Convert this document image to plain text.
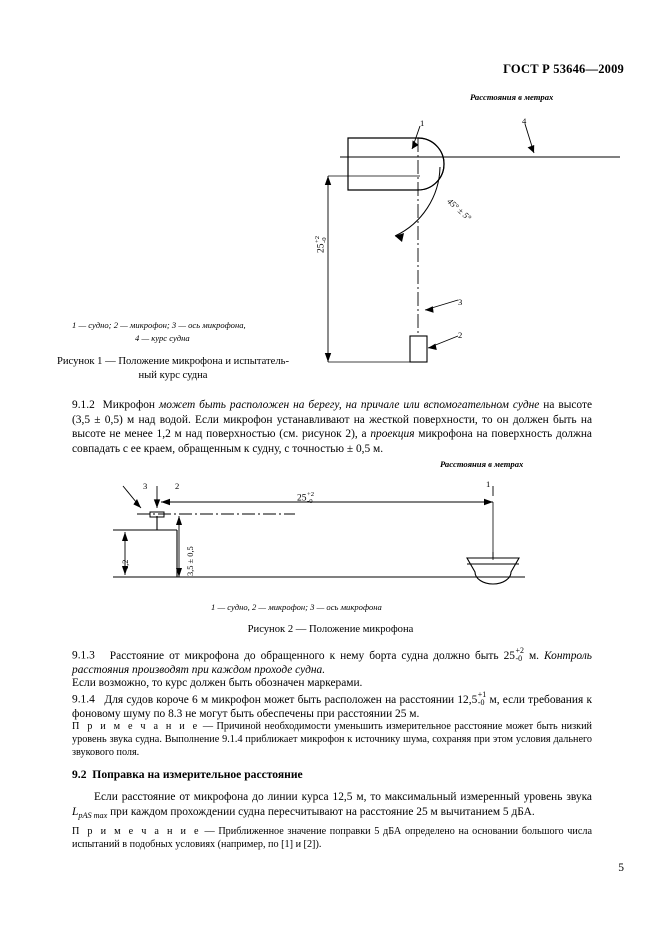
ГОСТ Р 53646—2009
Расстояния в метрах
1	4
3
2
25
+2 -0
45° ± 5°
1 — судно; 2 — микрофон; 3 — ось микрофона,
4 — курс судна
Рисунок 1 — Положение микрофона и испытатель-
ный курс судна
9.1.2  Микрофон может быть расположен на берегу, на причале или вспомогательном судне на высоте (3,5 ± 0,5) м над водой. Если микрофон устанавливают на жесткой поверхности, то он должен быть на высоте не менее 1,2 м над поверхностью (см. рисунок 2), а проекция микрофона на поверхность должна совпадать с ее краем, обращенным к судну, с точностью ± 0,5 м.
Расстояния в метрах
3	2	1
25 +2
-0
3,5 ± 0,5
1,2
1 — судно, 2 — микрофон; 3 — ось микрофона
Рисунок 2 — Положение микрофона
9.1.3   Расстояние от микрофона до обращенного к нему борта судна должно быть 25 +2
-0 м. Контроль расстояния производят при каждом проходе судна.
Если возможно, то курс должен быть обозначен маркерами.
9.1.4   Для судов короче 6 м микрофон может быть расположен на расстоянии 12,5 +1
-0 м, если требования к фоновому шуму по 8.3 не могут быть обеспечены при расстоянии 25 м.
П р и м е ч а н и е — Причиной необходимости уменьшить измерительное расстояние может быть низкий уровень звука судна. Выполнение 9.1.4 приближает микрофон к источнику шума, сохраняя при этом условия дальнего звукового поля.
9.2 Поправка на измерительное расстояние
Если расстояние от микрофона до линии курса 12,5 м, то максимальный измеренный уровень звука $L_{pAS max}$ при каждом прохождении судна пересчитывают на расстояние 25 м вычитанием 5 дБА.
П р и м е ч а н и е — Приближенное значение поправки 5 дБА определено на основании большого числа испытаний в подобных условиях (например, по [1] и [2]).
5
